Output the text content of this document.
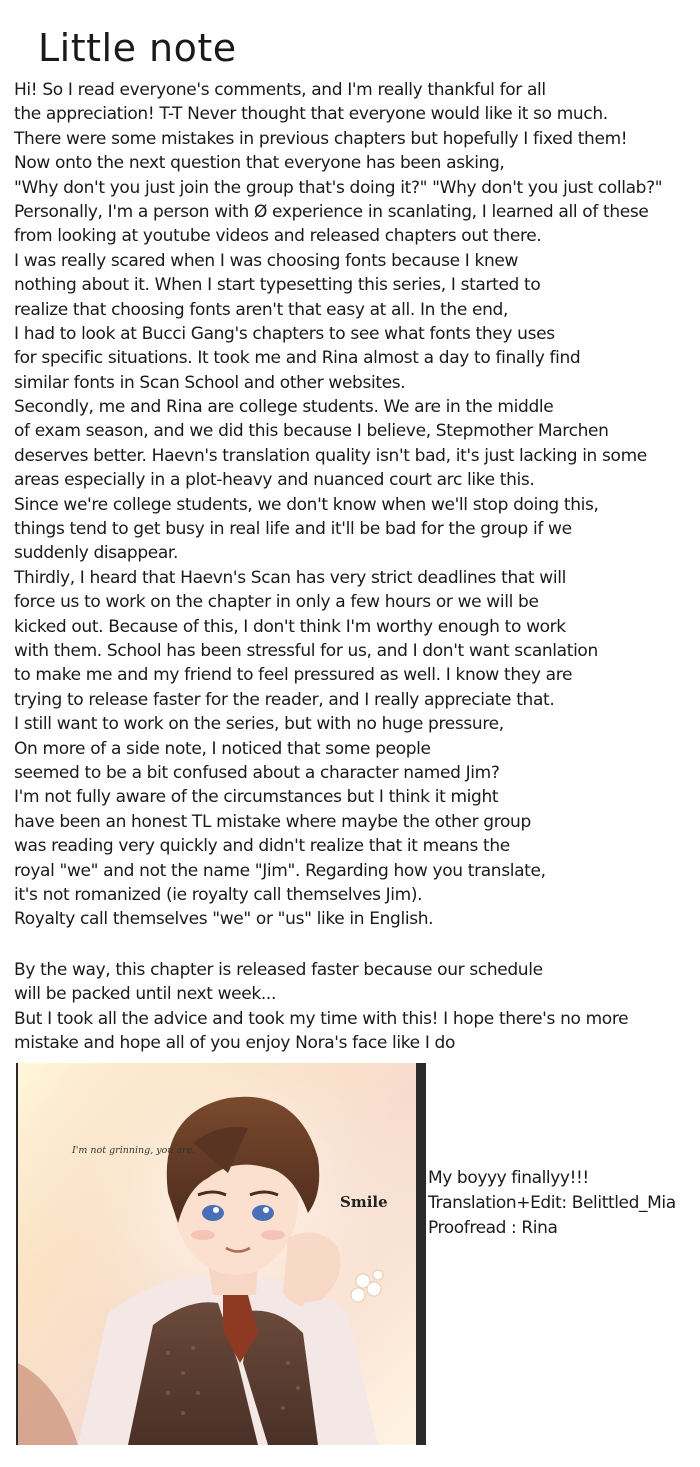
Little note
Hi! So I read everyone's comments, and I'm really thankful for all
the appreciation! T-T Never thought that everyone would like it so much.
There were some mistakes in previous chapters but hopefully I fixed them!
Now onto the next question that everyone has been asking,
"Why don't you just join the group that's doing it?" "Why don't you just collab?"
Personally, I'm a person with Ø experience in scanlating, I learned all of these
from looking at youtube videos and released chapters out there.
I was really scared when I was choosing fonts because I knew
nothing about it. When I start typesetting this series, I started to
realize that choosing fonts aren't that easy at all. In the end,
I had to look at Bucci Gang's chapters to see what fonts they uses
for specific situations. It took me and Rina almost a day to finally find
similar fonts in Scan School and other websites.
Secondly, me and Rina are college students. We are in the middle
of exam season, and we did this because I believe, Stepmother Marchen
deserves better. Haevn's translation quality isn't bad, it's just lacking in some
areas especially in a plot-heavy and nuanced court arc like this.
Since we're college students, we don't know when we'll stop doing this,
things tend to get busy in real life and it'll be bad for the group if we
suddenly disappear.
Thirdly, I heard that Haevn's Scan has very strict deadlines that will
force us to work on the chapter in only a few hours or we will be
kicked out. Because of this, I don't think I'm worthy enough to work
with them. School has been stressful for us, and I don't want scanlation
to make me and my friend to feel pressured as well. I know they are
trying to release faster for the reader, and I really appreciate that.
I still want to work on the series, but with no huge pressure,
On more of a side note, I noticed that some people
seemed to be a bit confused about a character named Jim?
I'm not fully aware of the circumstances but I think it might
have been an honest TL mistake where maybe the other group
was reading very quickly and didn't realize that it means the
royal "we" and not the name "Jim". Regarding how you translate,
it's not romanized (ie royalty call themselves Jim).
Royalty call themselves "we" or "us" like in English.
By the way, this chapter is released faster because our schedule
will be packed until next week...
But I took all the advice and took my time with this! I hope there's no more
mistake and hope all of you enjoy Nora's face like I do
I'm not grinning, you are.
Smile
My boyyy finallyy!!!
Translation+Edit: Belittled_Mia
Proofread : Rina
